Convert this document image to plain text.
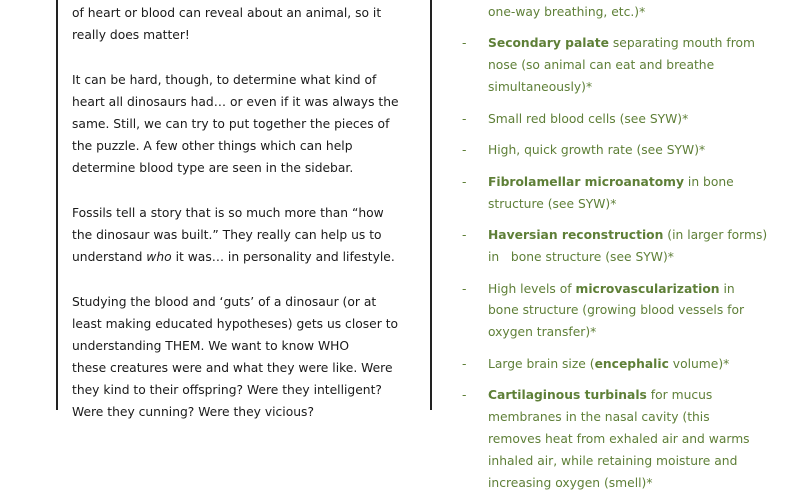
of heart or blood can reveal about an animal, so it
really does matter!

It can be hard, though, to determine what kind of
heart all dinosaurs had… or even if it was always the
same. Still, we can try to put together the pieces of
the puzzle. A few other things which can help
determine blood type are seen in the sidebar.

Fossils tell a story that is so much more than “how
the dinosaur was built.” They really can help us to
understand who it was… in personality and lifestyle.

Studying the blood and ‘guts’ of a dinosaur (or at
least making educated hypotheses) gets us closer to
understanding THEM. We want to know WHO
these creatures were and what they were like. Were
they kind to their offspring? Were they intelligent?
Were they cunning? Were they vicious?

one-way breathing, etc.)*
- Secondary palate separating mouth from
nose (so animal can eat and breathe
simultaneously)*
- Small red blood cells (see SYW)*
- High, quick growth rate (see SYW)*
- Fibrolamellar microanatomy in bone
structure (see SYW)*
- Haversian reconstruction (in larger forms)
in   bone structure (see SYW)*
- High levels of microvascularization in
bone structure (growing blood vessels for
oxygen transfer)*
- Large brain size (encephalic volume)*
- Cartilaginous turbinals for mucus
membranes in the nasal cavity (this
removes heat from exhaled air and warms
inhaled air, while retaining moisture and
increasing oxygen (smell)*
